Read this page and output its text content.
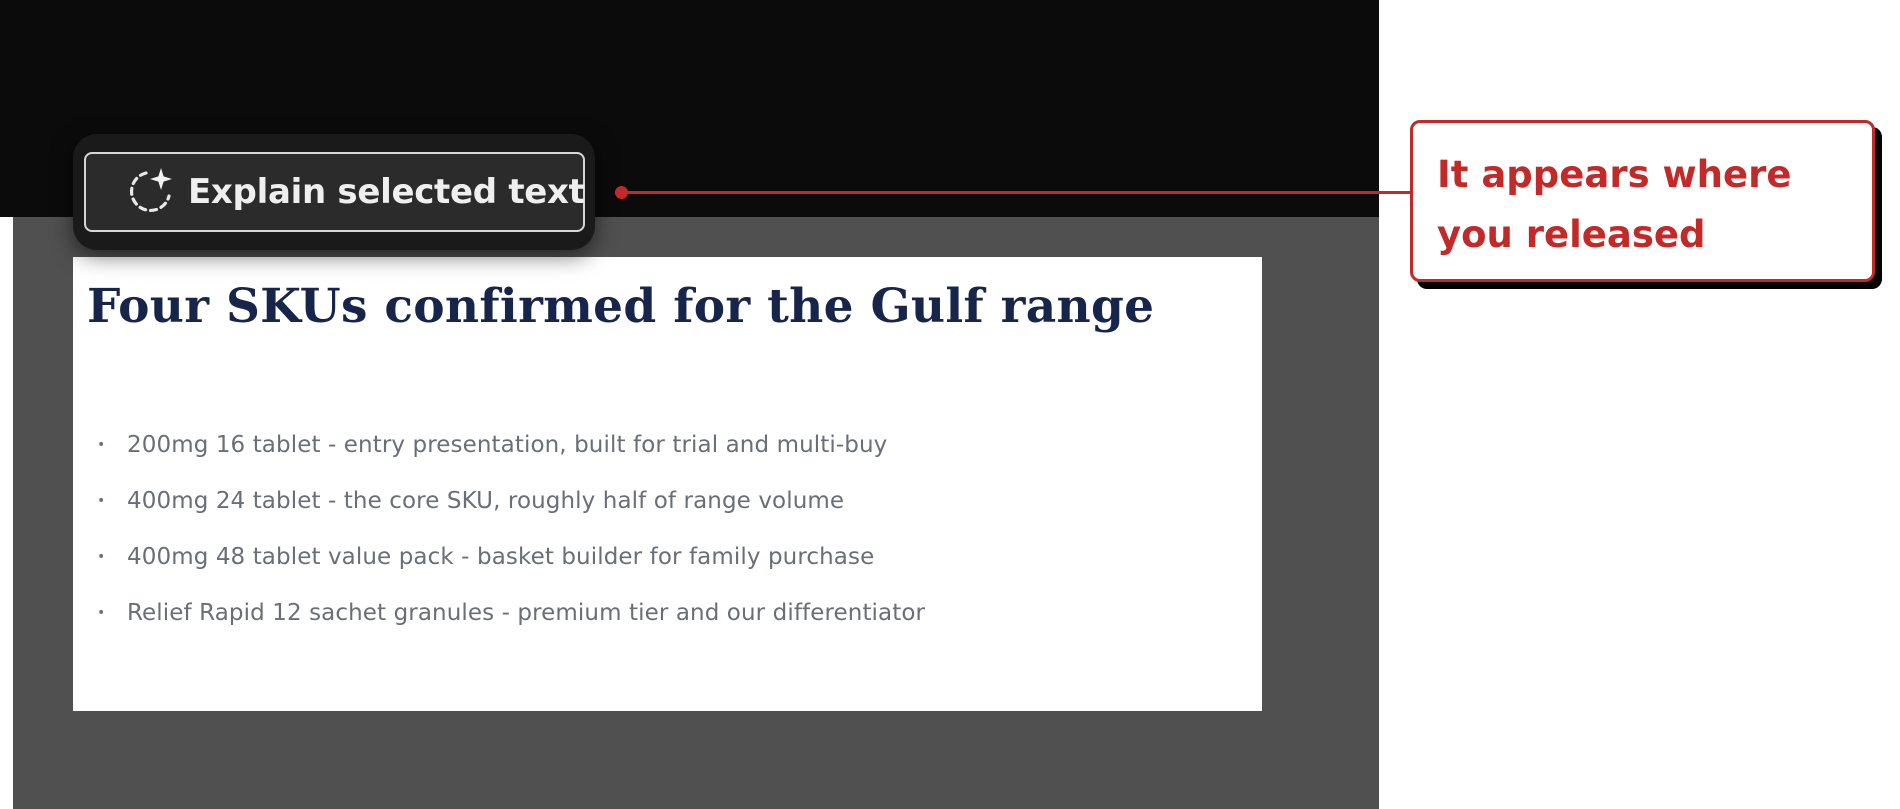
Four SKUs confirmed for the Gulf range
• 200mg 16 tablet - entry presentation, built for trial and multi-buy
• 400mg 24 tablet - the core SKU, roughly half of range volume
• 400mg 48 tablet value pack - basket builder for family purchase
• Relief Rapid 12 sachet granules - premium tier and our differentiator
Explain selected text	It appears where you released
